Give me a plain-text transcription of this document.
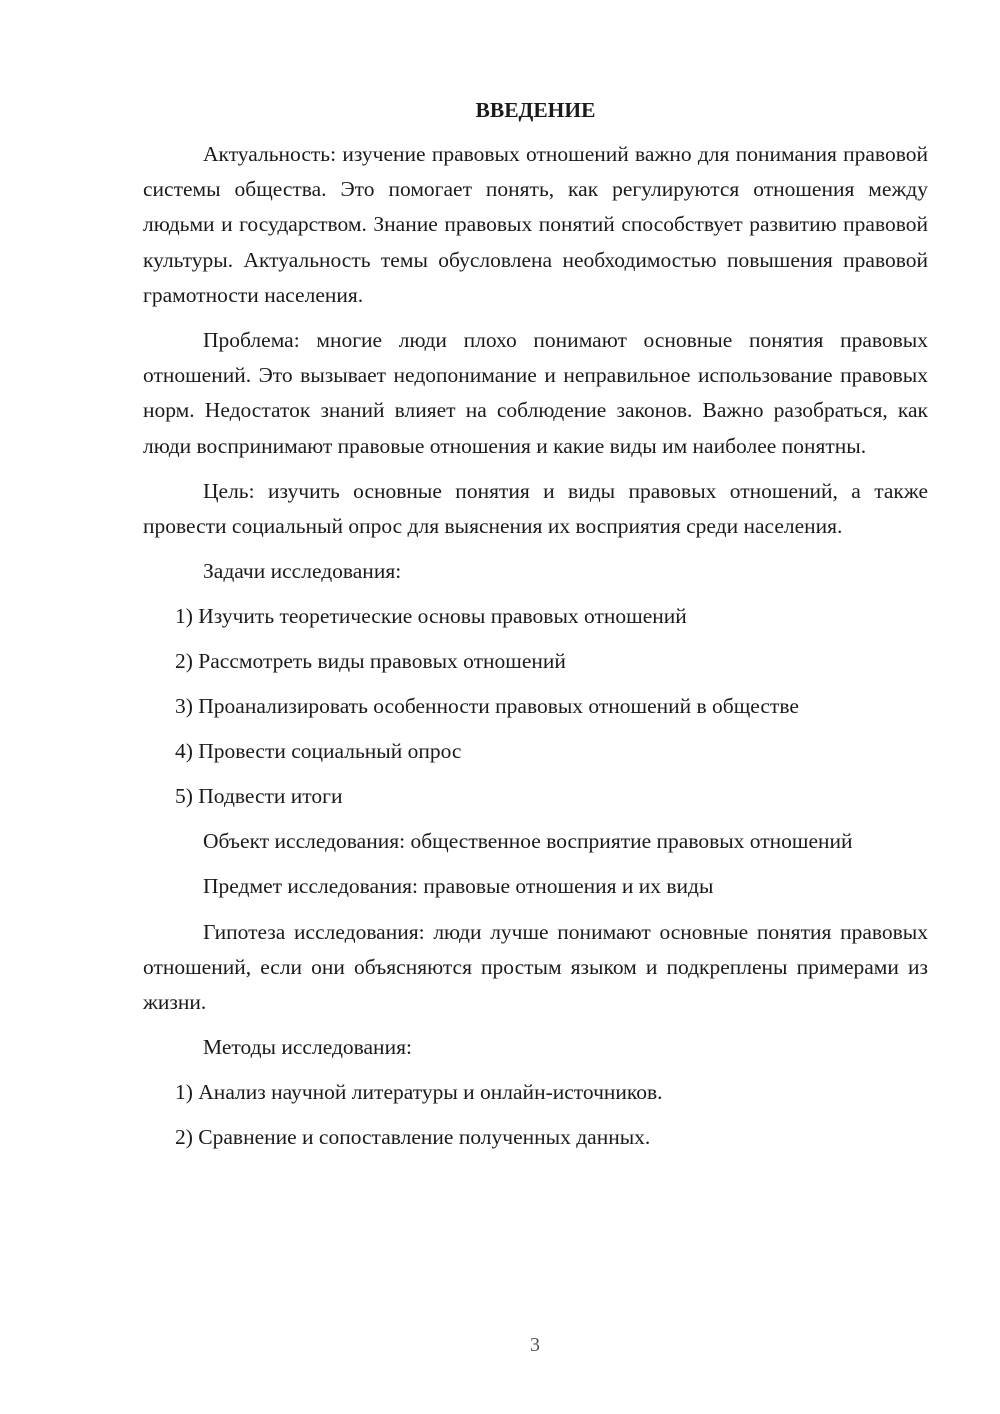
ВВЕДЕНИЕ

Актуальность: изучение правовых отношений важно для понимания правовой системы общества. Это помогает понять, как регулируются отношения между людьми и государством. Знание правовых понятий способствует развитию правовой культуры. Актуальность темы обусловлена необходимостью повышения правовой грамотности населения.

Проблема: многие люди плохо понимают основные понятия правовых отношений. Это вызывает недопонимание и неправильное использование правовых норм. Недостаток знаний влияет на соблюдение законов. Важно разобраться, как люди воспринимают правовые отношения и какие виды им наиболее понятны.

Цель: изучить основные понятия и виды правовых отношений, а также провести социальный опрос для выяснения их восприятия среди населения.

Задачи исследования:
1) Изучить теоретические основы правовых отношений
2) Рассмотреть виды правовых отношений
3) Проанализировать особенности правовых отношений в обществе
4) Провести социальный опрос
5) Подвести итоги

Объект исследования: общественное восприятие правовых отношений

Предмет исследования: правовые отношения и их виды

Гипотеза исследования: люди лучше понимают основные понятия правовых отношений, если они объясняются простым языком и подкреплены примерами из жизни.

Методы исследования:
1) Анализ научной литературы и онлайн-источников.
2) Сравнение и сопоставление полученных данных.
3
